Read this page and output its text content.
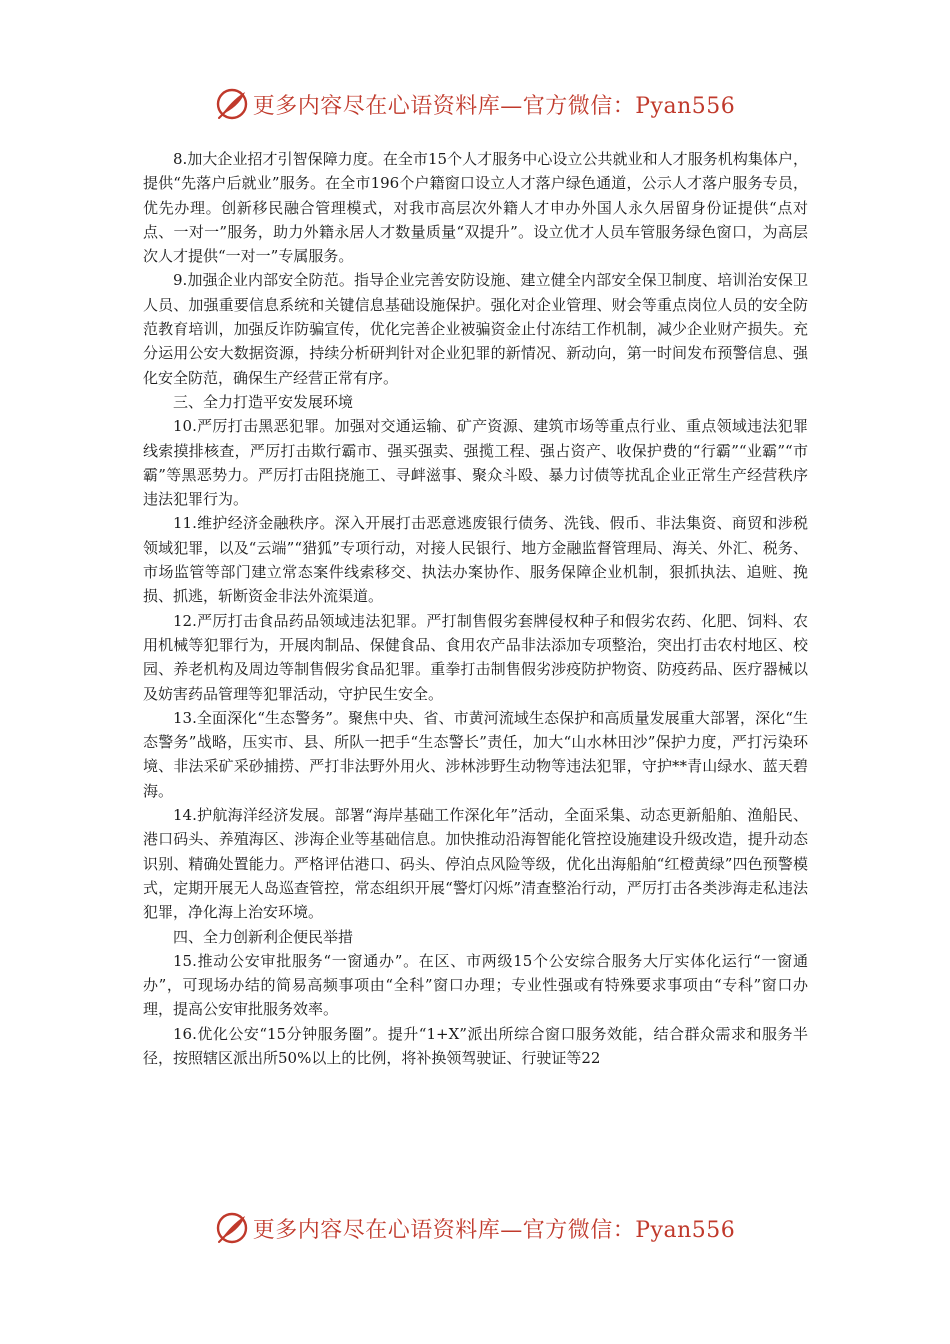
更多内容尽在心语资料库—官方微信：Pyan556

8.加大企业招才引智保障力度。在全市15个人才服务中心设立公共就业和人才服务机构集体户，提供“先落户后就业”服务。在全市196个户籍窗口设立人才落户绿色通道，公示人才落户服务专员，优先办理。创新移民融合管理模式，对我市高层次外籍人才申办外国人永久居留身份证提供“点对点、一对一”服务，助力外籍永居人才数量质量“双提升”。设立优才人员车管服务绿色窗口，为高层次人才提供“一对一”专属服务。

9.加强企业内部安全防范。指导企业完善安防设施、建立健全内部安全保卫制度、培训治安保卫人员、加强重要信息系统和关键信息基础设施保护。强化对企业管理、财会等重点岗位人员的安全防范教育培训，加强反诈防骗宣传，优化完善企业被骗资金止付冻结工作机制，减少企业财产损失。充分运用公安大数据资源，持续分析研判针对企业犯罪的新情况、新动向，第一时间发布预警信息、强化安全防范，确保生产经营正常有序。

三、全力打造平安发展环境

10.严厉打击黑恶犯罪。加强对交通运输、矿产资源、建筑市场等重点行业、重点领域违法犯罪线索摸排核查，严厉打击欺行霸市、强买强卖、强揽工程、强占资产、收保护费的“行霸”“业霸”“市霸”等黑恶势力。严厉打击阻挠施工、寻衅滋事、聚众斗殴、暴力讨债等扰乱企业正常生产经营秩序违法犯罪行为。

11.维护经济金融秩序。深入开展打击恶意逃废银行债务、洗钱、假币、非法集资、商贸和涉税领域犯罪，以及“云端”“猎狐”专项行动，对接人民银行、地方金融监督管理局、海关、外汇、税务、市场监管等部门建立常态案件线索移交、执法办案协作、服务保障企业机制，狠抓执法、追赃、挽损、抓逃，斩断资金非法外流渠道。

12.严厉打击食品药品领域违法犯罪。严打制售假劣套牌侵权种子和假劣农药、化肥、饲料、农用机械等犯罪行为，开展肉制品、保健食品、食用农产品非法添加专项整治，突出打击农村地区、校园、养老机构及周边等制售假劣食品犯罪。重拳打击制售假劣涉疫防护物资、防疫药品、医疗器械以及妨害药品管理等犯罪活动，守护民生安全。

13.全面深化“生态警务”。聚焦中央、省、市黄河流域生态保护和高质量发展重大部署，深化“生态警务”战略，压实市、县、所队一把手“生态警长”责任，加大“山水林田沙”保护力度，严打污染环境、非法采矿采砂捕捞、严打非法野外用火、涉林涉野生动物等违法犯罪，守护**青山绿水、蓝天碧海。

14.护航海洋经济发展。部署“海岸基础工作深化年”活动，全面采集、动态更新船舶、渔船民、港口码头、养殖海区、涉海企业等基础信息。加快推动沿海智能化管控设施建设升级改造，提升动态识别、精确处置能力。严格评估港口、码头、停泊点风险等级，优化出海船舶“红橙黄绿”四色预警模式，定期开展无人岛巡查管控，常态组织开展“警灯闪烁”清查整治行动，严厉打击各类涉海走私违法犯罪，净化海上治安环境。

四、全力创新利企便民举措

15.推动公安审批服务“一窗通办”。在区、市两级15个公安综合服务大厅实体化运行“一窗通办”，可现场办结的简易高频事项由“全科”窗口办理；专业性强或有特殊要求事项由“专科”窗口办理，提高公安审批服务效率。

16.优化公安“15分钟服务圈”。提升“1+X”派出所综合窗口服务效能，结合群众需求和服务半径，按照辖区派出所50%以上的比例，将补换领驾驶证、行驶证等22

更多内容尽在心语资料库—官方微信：Pyan556
